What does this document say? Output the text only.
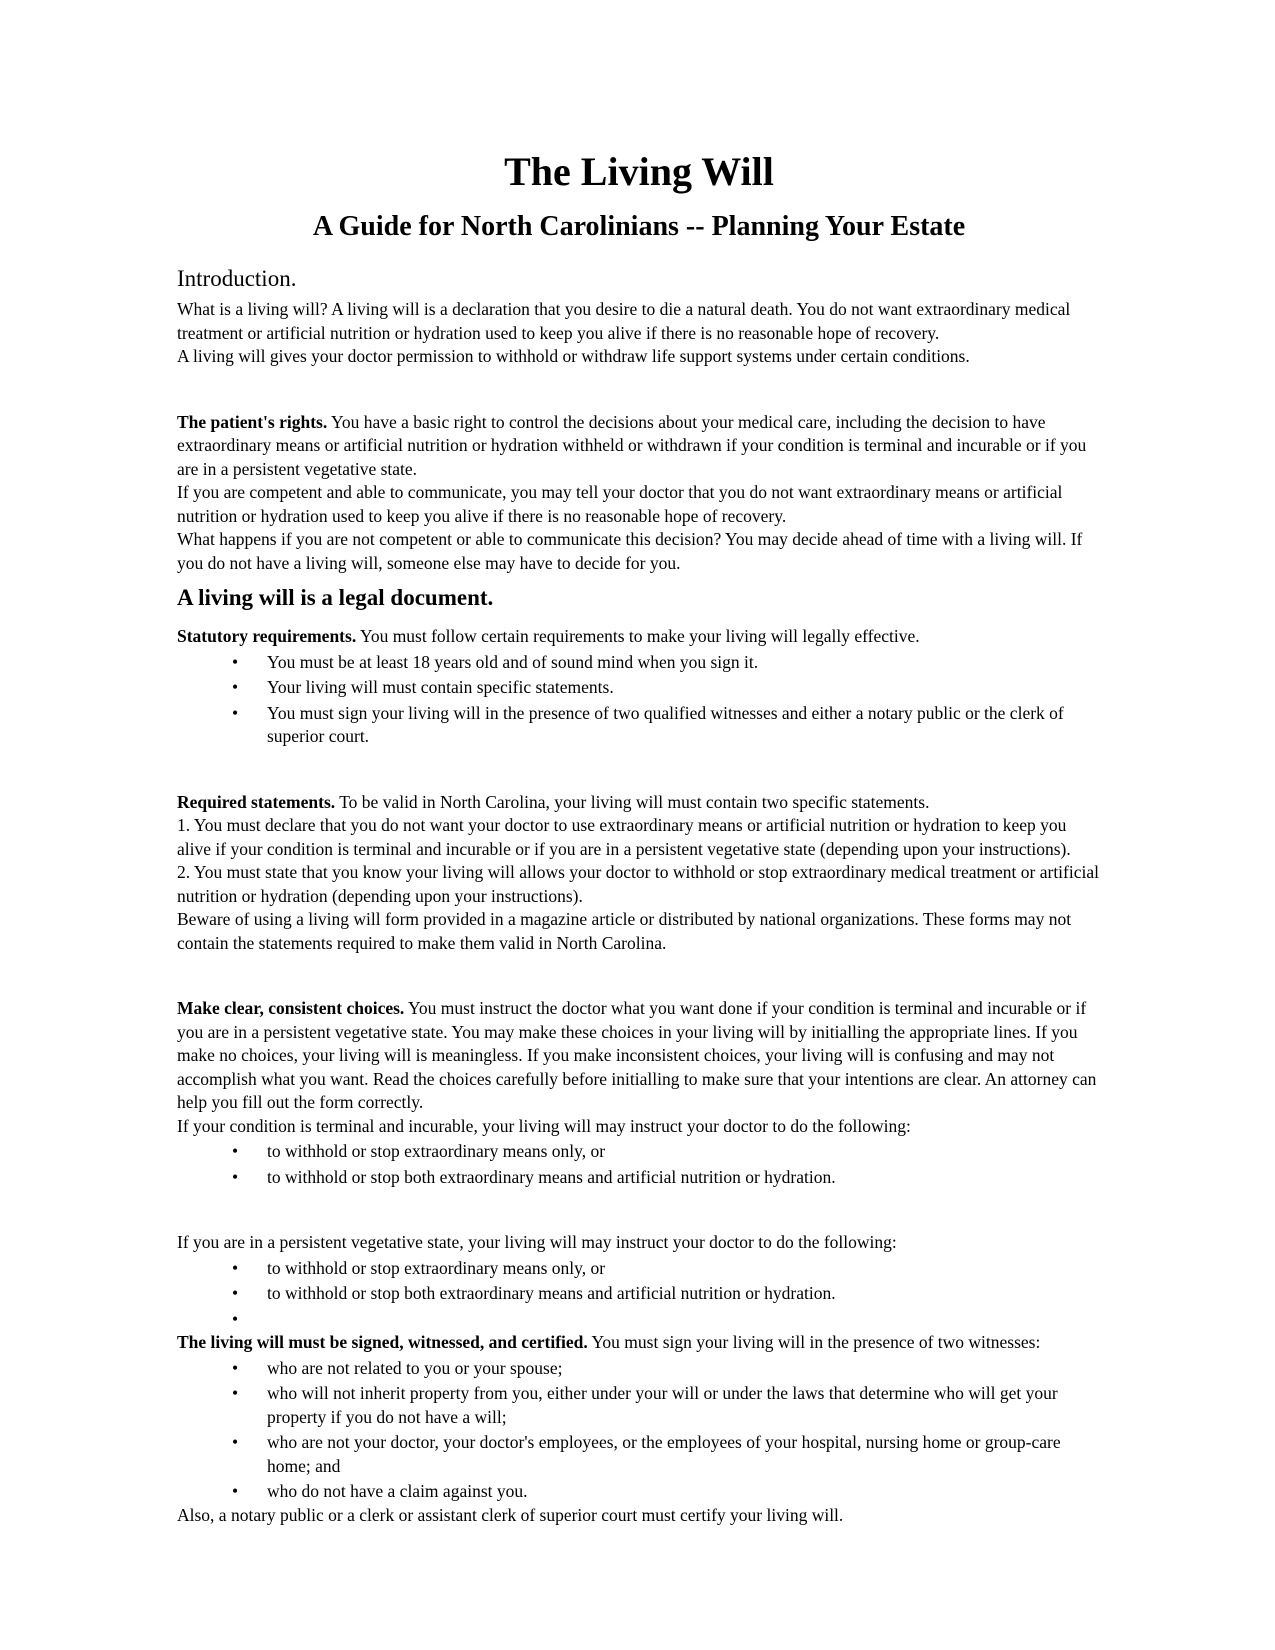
The Living Will
A Guide for North Carolinians -- Planning Your Estate
Introduction.

What is a living will? A living will is a declaration that you desire to die a natural death. You do not want extraordinary medical treatment or artificial nutrition or hydration used to keep you alive if there is no reasonable hope of recovery.

A living will gives your doctor permission to withhold or withdraw life support systems under certain conditions.

The patient's rights. You have a basic right to control the decisions about your medical care, including the decision to have extraordinary means or artificial nutrition or hydration withheld or withdrawn if your condition is terminal and incurable or if you are in a persistent vegetative state.

If you are competent and able to communicate, you may tell your doctor that you do not want extraordinary means or artificial nutrition or hydration used to keep you alive if there is no reasonable hope of recovery.

What happens if you are not competent or able to communicate this decision? You may decide ahead of time with a living will. If you do not have a living will, someone else may have to decide for you.

A living will is a legal document.

Statutory requirements. You must follow certain requirements to make your living will legally effective.

• You must be at least 18 years old and of sound mind when you sign it.
• Your living will must contain specific statements.
• You must sign your living will in the presence of two qualified witnesses and either a notary public or the clerk of superior court.

Required statements. To be valid in North Carolina, your living will must contain two specific statements.

1. You must declare that you do not want your doctor to use extraordinary means or artificial nutrition or hydration to keep you alive if your condition is terminal and incurable or if you are in a persistent vegetative state (depending upon your instructions).

2. You must state that you know your living will allows your doctor to withhold or stop extraordinary medical treatment or artificial nutrition or hydration (depending upon your instructions).

Beware of using a living will form provided in a magazine article or distributed by national organizations. These forms may not contain the statements required to make them valid in North Carolina.

Make clear, consistent choices. You must instruct the doctor what you want done if your condition is terminal and incurable or if you are in a persistent vegetative state. You may make these choices in your living will by initialling the appropriate lines. If you make no choices, your living will is meaningless. If you make inconsistent choices, your living will is confusing and may not accomplish what you want. Read the choices carefully before initialling to make sure that your intentions are clear. An attorney can help you fill out the form correctly.

If your condition is terminal and incurable, your living will may instruct your doctor to do the following:

• to withhold or stop extraordinary means only, or
• to withhold or stop both extraordinary means and artificial nutrition or hydration.

If you are in a persistent vegetative state, your living will may instruct your doctor to do the following:

• to withhold or stop extraordinary means only, or
• to withhold or stop both extraordinary means and artificial nutrition or hydration.
•

The living will must be signed, witnessed, and certified. You must sign your living will in the presence of two witnesses:

• who are not related to you or your spouse;
• who will not inherit property from you, either under your will or under the laws that determine who will get your property if you do not have a will;
• who are not your doctor, your doctor's employees, or the employees of your hospital, nursing home or group-care home; and
• who do not have a claim against you.

Also, a notary public or a clerk or assistant clerk of superior court must certify your living will.
